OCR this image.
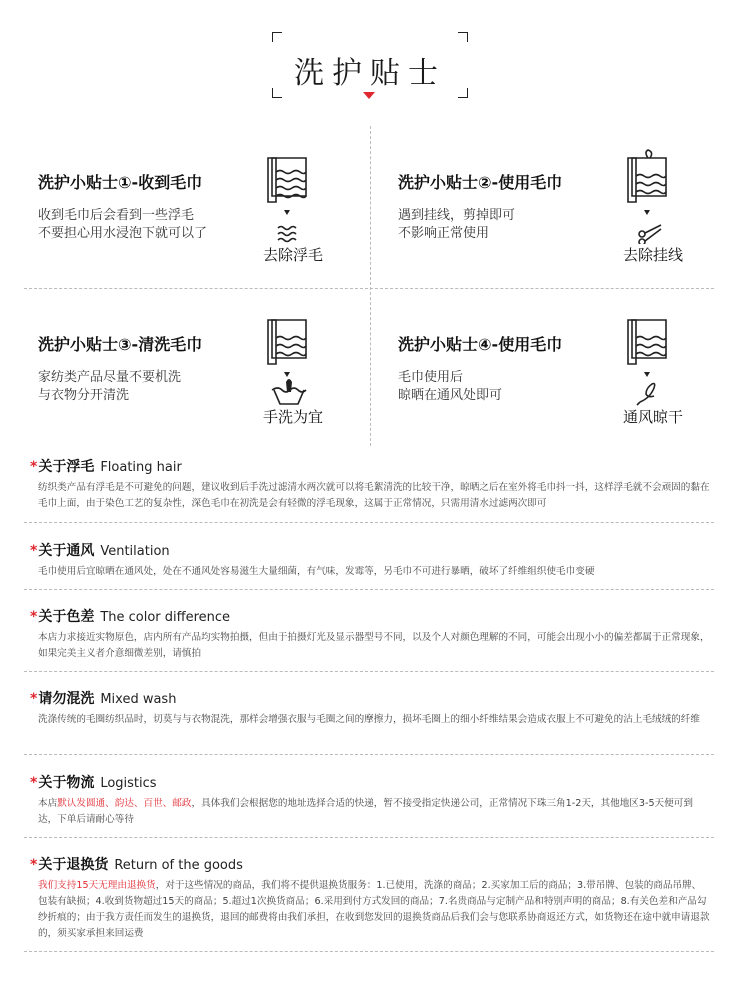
洗护贴士
洗护小贴士①-收到毛巾
收到毛巾后会看到一些浮毛
不要担心用水浸泡下就可以了
去除浮毛
洗护小贴士②-使用毛巾
遇到挂线，剪掉即可
不影响正常使用
去除挂线
洗护小贴士③-清洗毛巾
家纺类产品尽量不要机洗
与衣物分开清洗
手洗为宜
洗护小贴士④-使用毛巾
毛巾使用后
晾晒在通风处即可
通风晾干
*关于浮毛 Floating hair
纺织类产品有浮毛是不可避免的问题，建议收到后手洗过滤清水两次就可以将毛絮清洗的比较干净，晾晒之后在室外将毛巾抖一抖，这样浮毛就不会顽固的黏在毛巾上面，由于染色工艺的复杂性，深色毛巾在初洗是会有轻微的浮毛现象，这属于正常情况，只需用清水过滤两次即可
*关于通风 Ventilation
毛巾使用后宜晾晒在通风处，处在不通风处容易滋生大量细菌，有气味，发霉等，另毛巾不可进行暴晒，破坏了纤维组织使毛巾变硬
*关于色差 The color difference
本店力求接近实物原色，店内所有产品均实物拍摄，但由于拍摄灯光及显示器型号不同，以及个人对颜色理解的不同，可能会出现小小的偏差都属于正常现象，如果完美主义者介意细微差别，请慎拍
*请勿混洗 Mixed wash
洗涤传统的毛圈纺织品时，切莫与与衣物混洗，那样会增强衣服与毛圈之间的摩擦力，损坏毛圈上的细小纤维结果会造成衣服上不可避免的沾上毛绒绒的纤维
*关于物流 Logistics
本店默认发圆通、韵达、百世、邮政，具体我们会根据您的地址选择合适的快递，暂不接受指定快递公司，正常情况下珠三角1-2天，其他地区3-5天便可到达，下单后请耐心等待
*关于退换货 Return of the goods
我们支持15天无理由退换货，对于这些情况的商品，我们将不提供退换货服务：1.已使用，洗涤的商品；2.买家加工后的商品；3.带吊牌、包装的商品吊牌、包装有缺损；4.收到货物超过15天的商品；5.超过1次换货商品；6.采用到付方式发回的商品；7.名贵商品与定制产品和特别声明的商品；8.有关色差和产品勾纱折痕的；由于我方责任而发生的退换货，退回的邮费将由我们承担，在收到您发回的退换货商品后我们会与您联系协商返还方式，如货物还在途中就申请退款的，须买家承担来回运费
